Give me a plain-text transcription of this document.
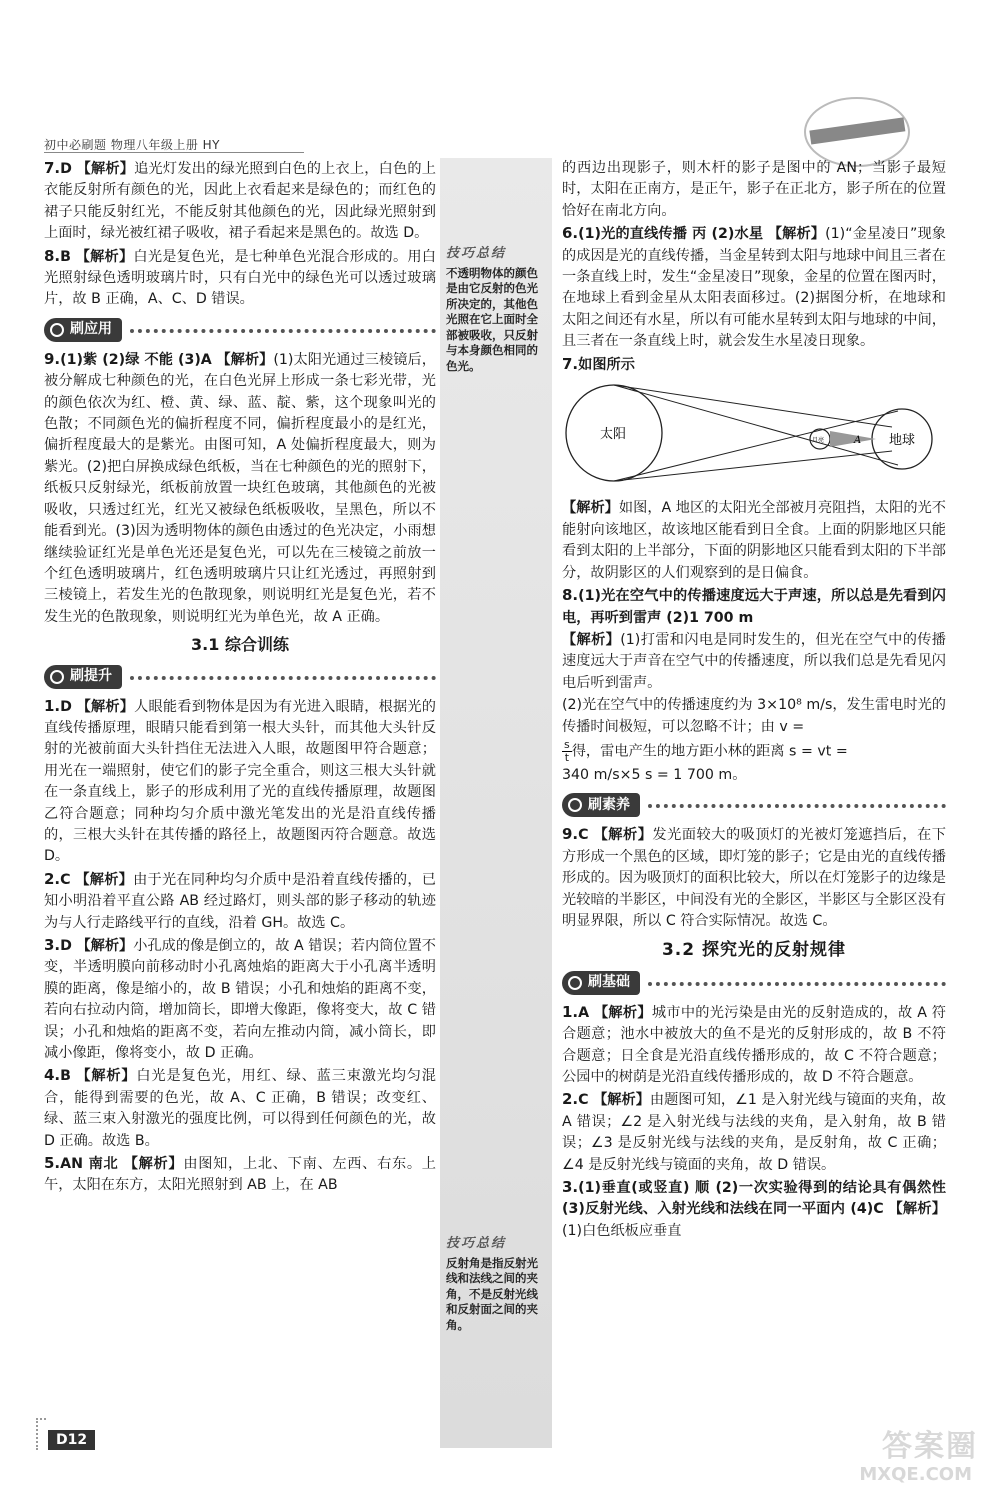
初中必刷题 物理八年级上册 HY
技巧总结
不透明物体的颜色是由它反射的色光所决定的，其他色光照在它上面时全部被吸收，只反射与本身颜色相同的色光。

7.D 【解析】追光灯发出的绿光照到白色的上衣上，白色的上衣能反射所有颜色的光，因此上衣看起来是绿色的；而红色的裙子只能反射红光，不能反射其他颜色的光，因此绿光照射到上面时，绿光被红裙子吸收，裙子看起来是黑色的。故选 D。

8.B 【解析】白光是复色光，是七种单色光混合形成的。用白光照射绿色透明玻璃片时，只有白光中的绿色光可以透过玻璃片，故 B 正确，A、C、D 错误。

刷应用

9.(1)紫 (2)绿 不能 (3)A 【解析】(1)太阳光通过三棱镜后，被分解成七种颜色的光，在白色光屏上形成一条七彩光带，光的颜色依次为红、橙、黄、绿、蓝、靛、紫，这个现象叫光的色散；不同颜色光的偏折程度不同，偏折程度最小的是红光，偏折程度最大的是紫光。由图可知，A 处偏折程度最大，则为紫光。(2)把白屏换成绿色纸板，当在七种颜色的光的照射下，纸板只反射绿光，纸板前放置一块红色玻璃，其他颜色的光被吸收，只透过红光，红光又被绿色纸板吸收，呈黑色，所以不能看到光。(3)因为透明物体的颜色由透过的色光决定，小雨想继续验证红光是单色光还是复色光，可以先在三棱镜之前放一个红色透明玻璃片，红色透明玻璃片只让红光透过，再照射到三棱镜上，若发生光的色散现象，则说明红光是复色光，若不发生光的色散现象，则说明红光为单色光，故 A 正确。

3.1 综合训练
刷提升

1.D 【解析】人眼能看到物体是因为有光进入眼睛，根据光的直线传播原理，眼睛只能看到第一根大头针，而其他大头针反射的光被前面大头针挡住无法进入人眼，故题图甲符合题意；用光在一端照射，使它们的影子完全重合，则这三根大头针就在一条直线上，影子的形成利用了光的直线传播原理，故题图乙符合题意；同种均匀介质中激光笔发出的光是沿直线传播的，三根大头针在其传播的路径上，故题图丙符合题意。故选 D。

2.C 【解析】由于光在同种均匀介质中是沿着直线传播的，已知小明沿着平直公路 AB 经过路灯，则头部的影子移动的轨迹为与人行走路线平行的直线，沿着 GH。故选 C。

3.D 【解析】小孔成的像是倒立的，故 A 错误；若内筒位置不变，半透明膜向前移动时小孔离烛焰的距离大于小孔离半透明膜的距离，像是缩小的，故 B 错误；小孔和烛焰的距离不变，若向右拉动内筒，增加筒长，即增大像距，像将变大，故 C 错误；小孔和烛焰的距离不变，若向左推动内筒，减小筒长，即减小像距，像将变小，故 D 正确。

4.B 【解析】白光是复色光，用红、绿、蓝三束激光均匀混合，能得到需要的色光，故 A、C 正确，B 错误；改变红、绿、蓝三束入射激光的强度比例，可以得到任何颜色的光，故 D 正确。故选 B。

5.AN 南北 【解析】由图知，上北、下南、左西、右东。上午，太阳在东方，太阳光照射到 AB 上，在 AB

技巧总结
反射角是指反射光线和法线之间的夹角，不是反射光线和反射面之间的夹角。

的西边出现影子，则木杆的影子是图中的 AN；当影子最短时，太阳在正南方，是正午，影子在正北方，影子所在的位置恰好在南北方向。

6.(1)光的直线传播 丙 (2)水星 【解析】(1)“金星凌日”现象的成因是光的直线传播，当金星转到太阳与地球中间且三者在一条直线上时，发生“金星凌日”现象，金星的位置在图丙时，在地球上看到金星从太阳表面移过。(2)据图分析，在地球和太阳之间还有水星，所以有可能水星转到太阳与地球的中间，且三者在一条直线上时，就会发生水星凌日现象。

7.如图所示

太阳	地球
月亮	A

【解析】如图，A 地区的太阳光全部被月亮阻挡，太阳的光不能射向该地区，故该地区能看到日全食。上面的阴影地区只能看到太阳的上半部分，下面的阴影地区只能看到太阳的下半部分，故阴影区的人们观察到的是日偏食。

8.(1)光在空气中的传播速度远大于声速，所以总是先看到闪电，再听到雷声 (2)1 700 m

【解析】(1)打雷和闪电是同时发生的，但光在空气中的传播速度远大于声音在空气中的传播速度，所以我们总是先看见闪电后听到雷声。

(2)光在空气中的传播速度约为 3×10⁸ m/s，发生雷电时光的传播时间极短，可以忽略不计；由 v =

$\frac{s}{t}$ 得，雷电产生的地方距小林的距离 s = vt =

340 m/s×5 s = 1 700 m。

刷素养

9.C 【解析】发光面较大的吸顶灯的光被灯笼遮挡后，在下方形成一个黑色的区域，即灯笼的影子；它是由光的直线传播形成的。因为吸顶灯的面积比较大，所以在灯笼影子的边缘是光较暗的半影区，中间没有光的全影区，半影区与全影区没有明显界限，所以 C 符合实际情况。故选 C。

3.2 探究光的反射规律
刷基础

1.A 【解析】城市中的光污染是由光的反射造成的，故 A 符合题意；池水中被放大的鱼不是光的反射形成的，故 B 不符合题意；日全食是光沿直线传播形成的，故 C 不符合题意；公园中的树荫是光沿直线传播形成的，故 D 不符合题意。

2.C 【解析】由题图可知，∠1 是入射光线与镜面的夹角，故 A 错误；∠2 是入射光线与法线的夹角，是入射角，故 B 错误；∠3 是反射光线与法线的夹角，是反射角，故 C 正确；∠4 是反射光线与镜面的夹角，故 D 错误。

3.(1)垂直(或竖直) 顺 (2)一次实验得到的结论具有偶然性 (3)反射光线、入射光线和法线在同一平面内 (4)C 【解析】(1)白色纸板应垂直

D12	答案圈
MXQE.COM
